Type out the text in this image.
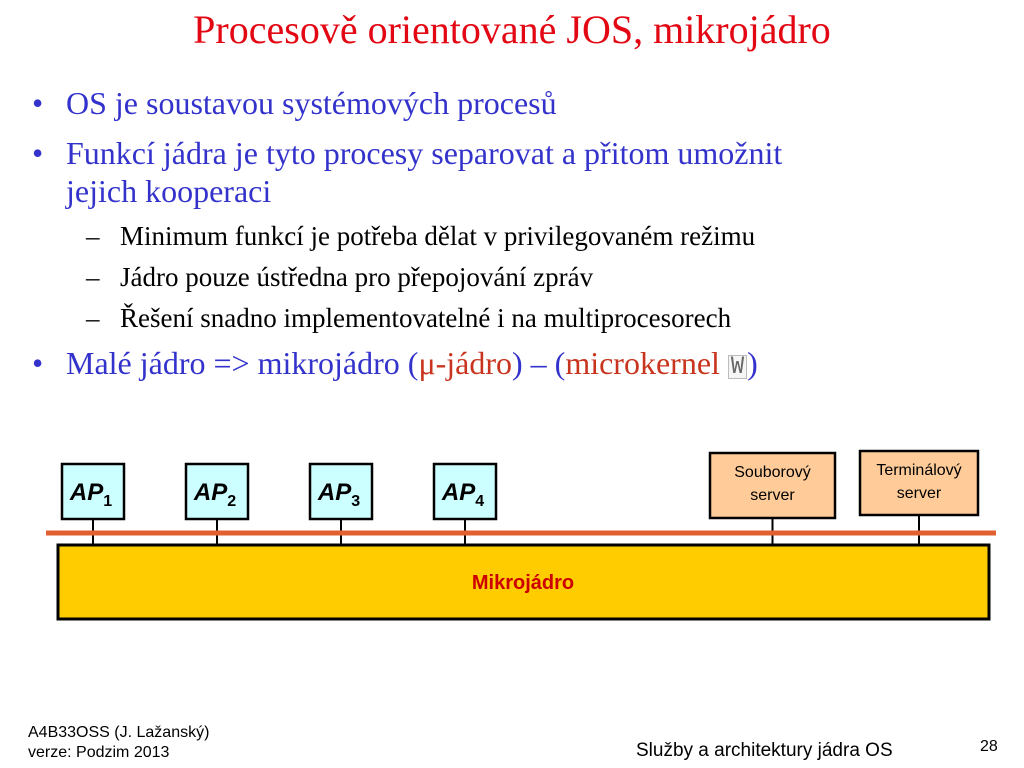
Procesově orientované JOS, mikrojádro
• OS je soustavou systémových procesů
• Funkcí jádra je tyto procesy separovat a přitom umožnit
jejich kooperaci
– Minimum funkcí je potřeba dělat v privilegovaném režimu
– Jádro pouze ústředna pro přepojování zpráv
– Řešení snadno implementovatelné i na multiprocesorech
• Malé jádro => mikrojádro (μ-jádro) – (microkernel W)
Mikrojádro
$AP_1$	$AP_2$	$AP_3$	$AP_4$
Souborový
server
Terminálový
server
A4B33OSS (J. Lažanský)
verze: Podzim 2013	Služby a architektury jádra OS	28
